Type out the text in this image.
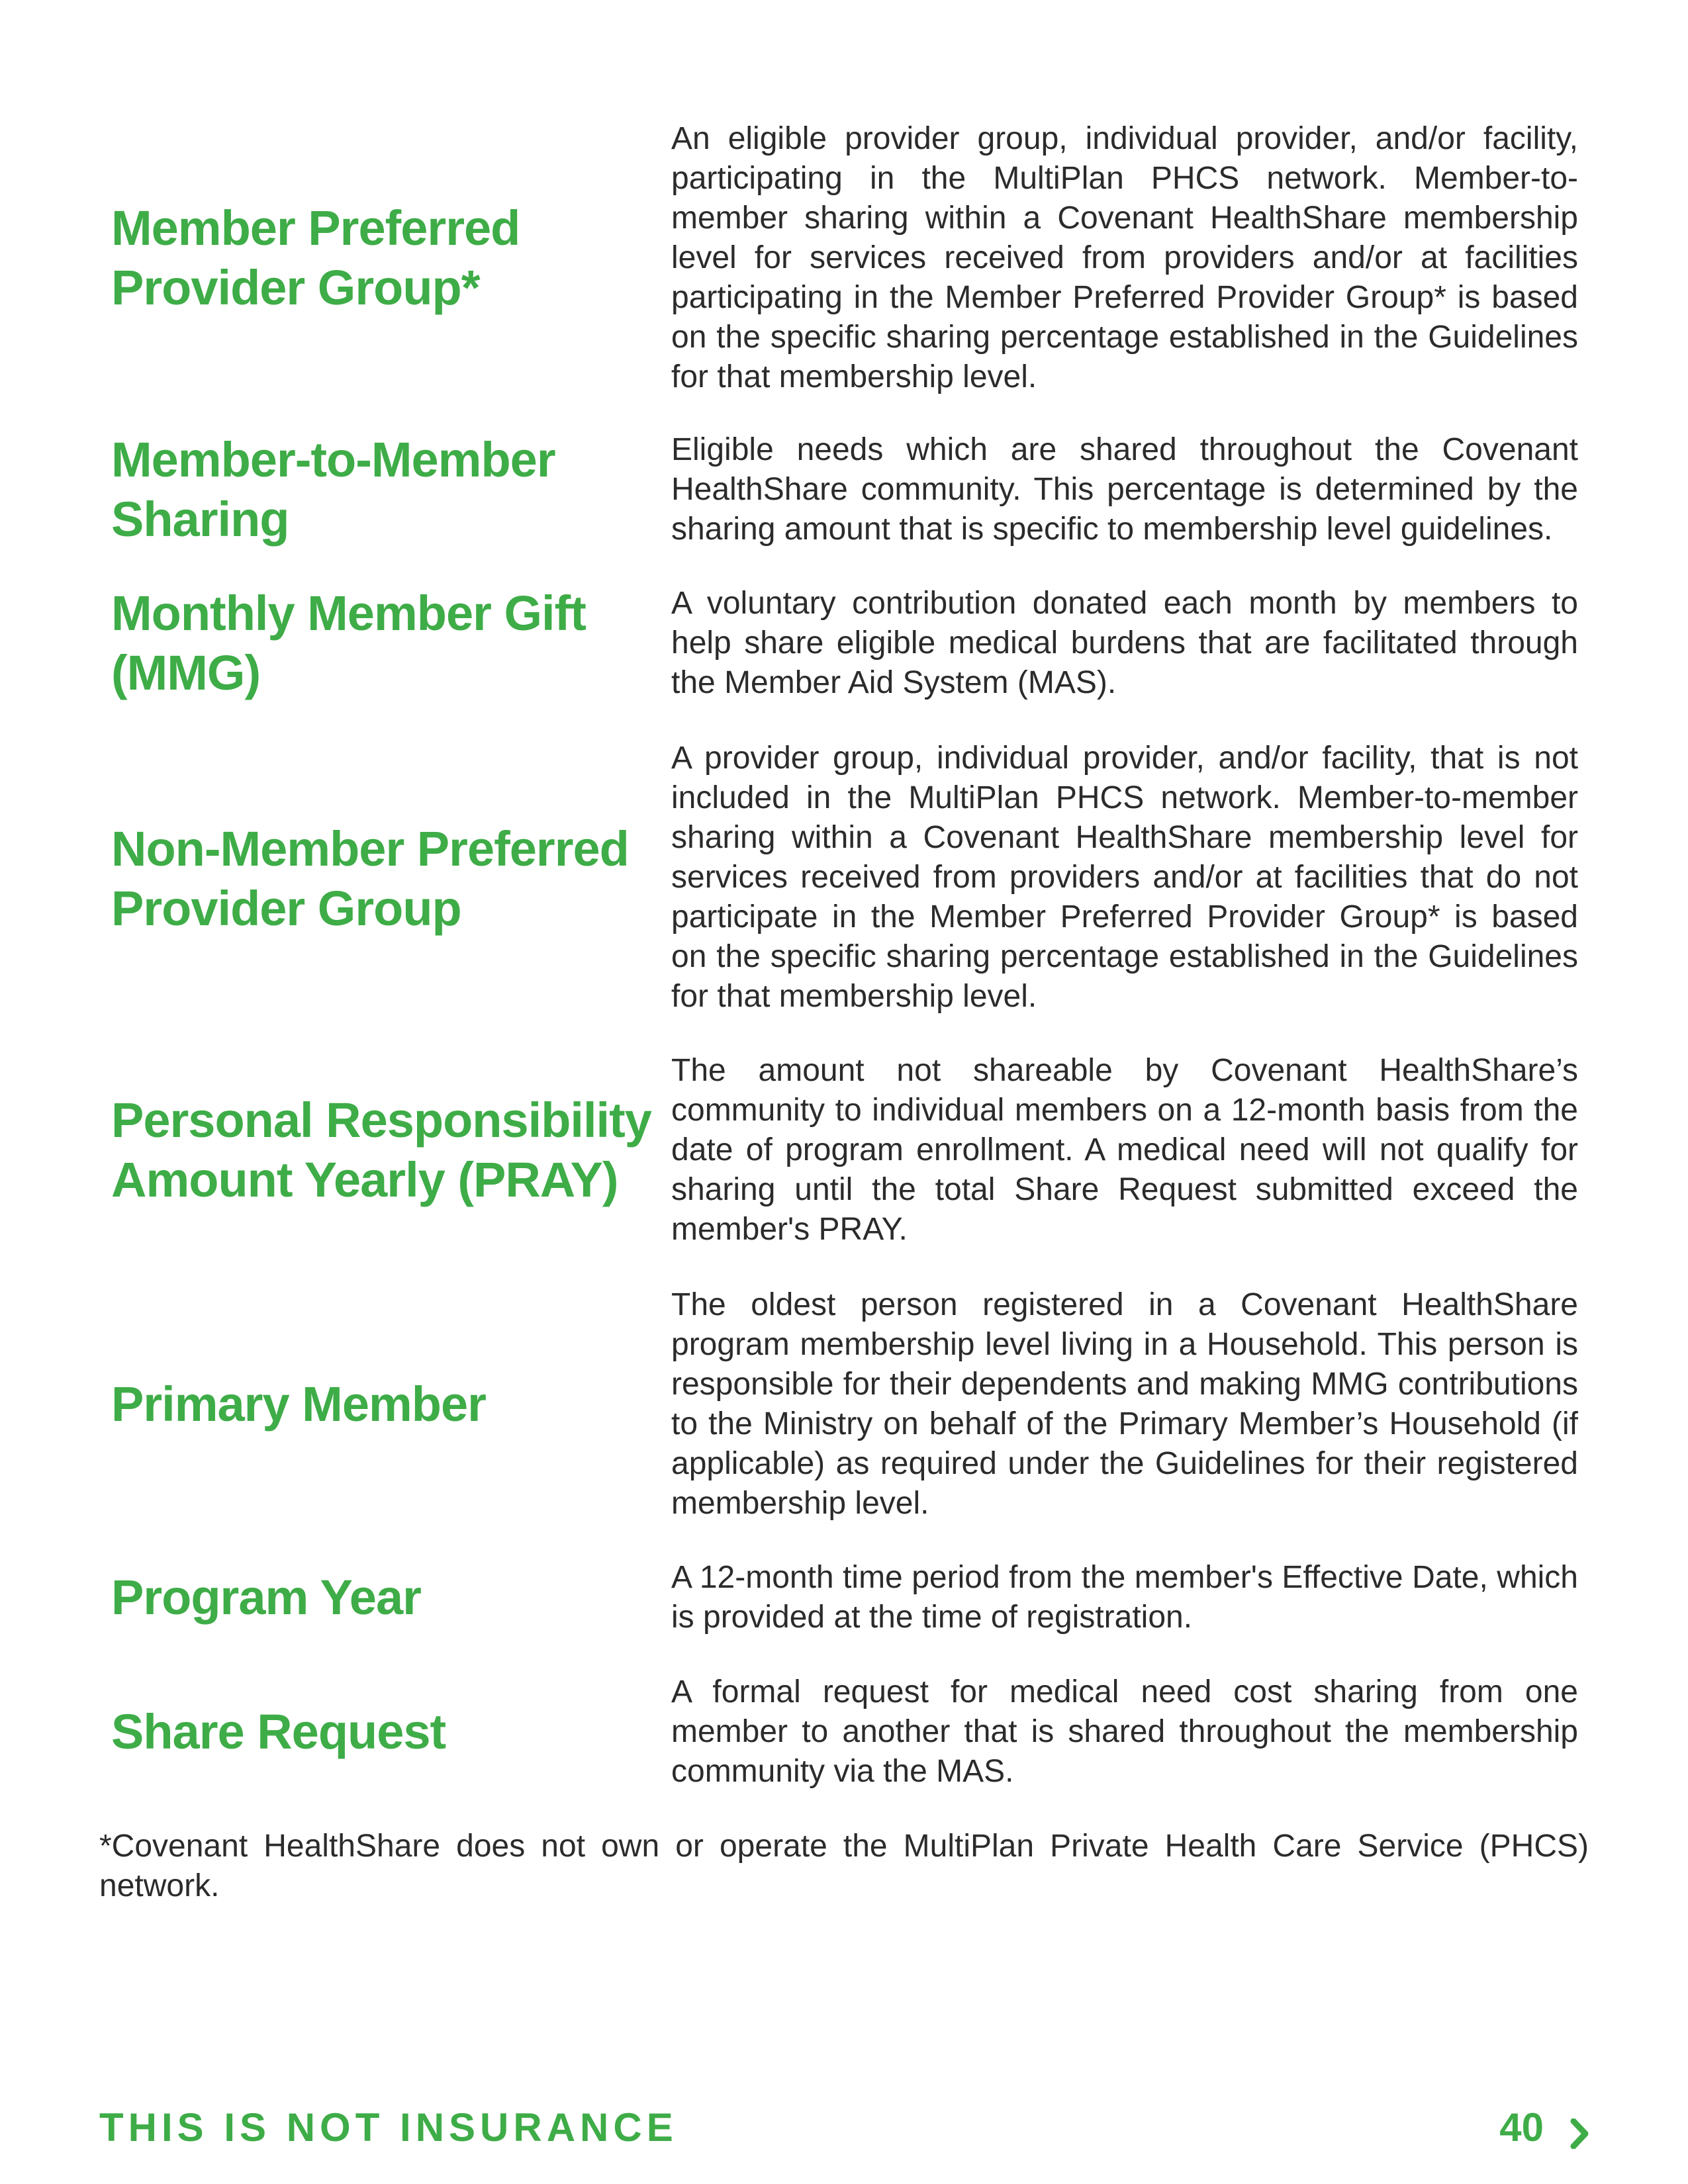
Member Preferred Provider Group*
An eligible provider group, individual provider, and/or facility, participating in the MultiPlan PHCS network. Member-to-member sharing within a Covenant HealthShare membership level for services received from providers and/or at facilities participating in the Member Preferred Provider Group* is based on the specific sharing percentage established in the Guidelines for that membership level.
Member-to-Member Sharing
Eligible needs which are shared throughout the Covenant HealthShare community. This percentage is determined by the sharing amount that is specific to membership level guidelines.
Monthly Member Gift (MMG)
A voluntary contribution donated each month by members to help share eligible medical burdens that are facilitated through the Member Aid System (MAS).
Non-Member Preferred Provider Group
A provider group, individual provider, and/or facility, that is not included in the MultiPlan PHCS network. Member-to-member sharing within a Covenant HealthShare membership level for services received from providers and/or at facilities that do not participate in the Member Preferred Provider Group* is based on the specific sharing percentage established in the Guidelines for that membership level.
Personal Responsibility Amount Yearly (PRAY)
The amount not shareable by Covenant HealthShare’s community to individual members on a 12-month basis from the date of program enrollment. A medical need will not qualify for sharing until the total Share Request submitted exceed the member's PRAY.
Primary Member
The oldest person registered in a Covenant HealthShare program membership level living in a Household. This person is responsible for their dependents and making MMG contributions to the Ministry on behalf of the Primary Member’s Household (if applicable) as required under the Guidelines for their registered membership level.
Program Year	A 12-month time period from the member's Effective Date, which is provided at the time of registration.
Share Request
A formal request for medical need cost sharing from one member to another that is shared throughout the membership community via the MAS.
*Covenant HealthShare does not own or operate the MultiPlan Private Health Care Service (PHCS) network.
THIS IS NOT INSURANCE	40
